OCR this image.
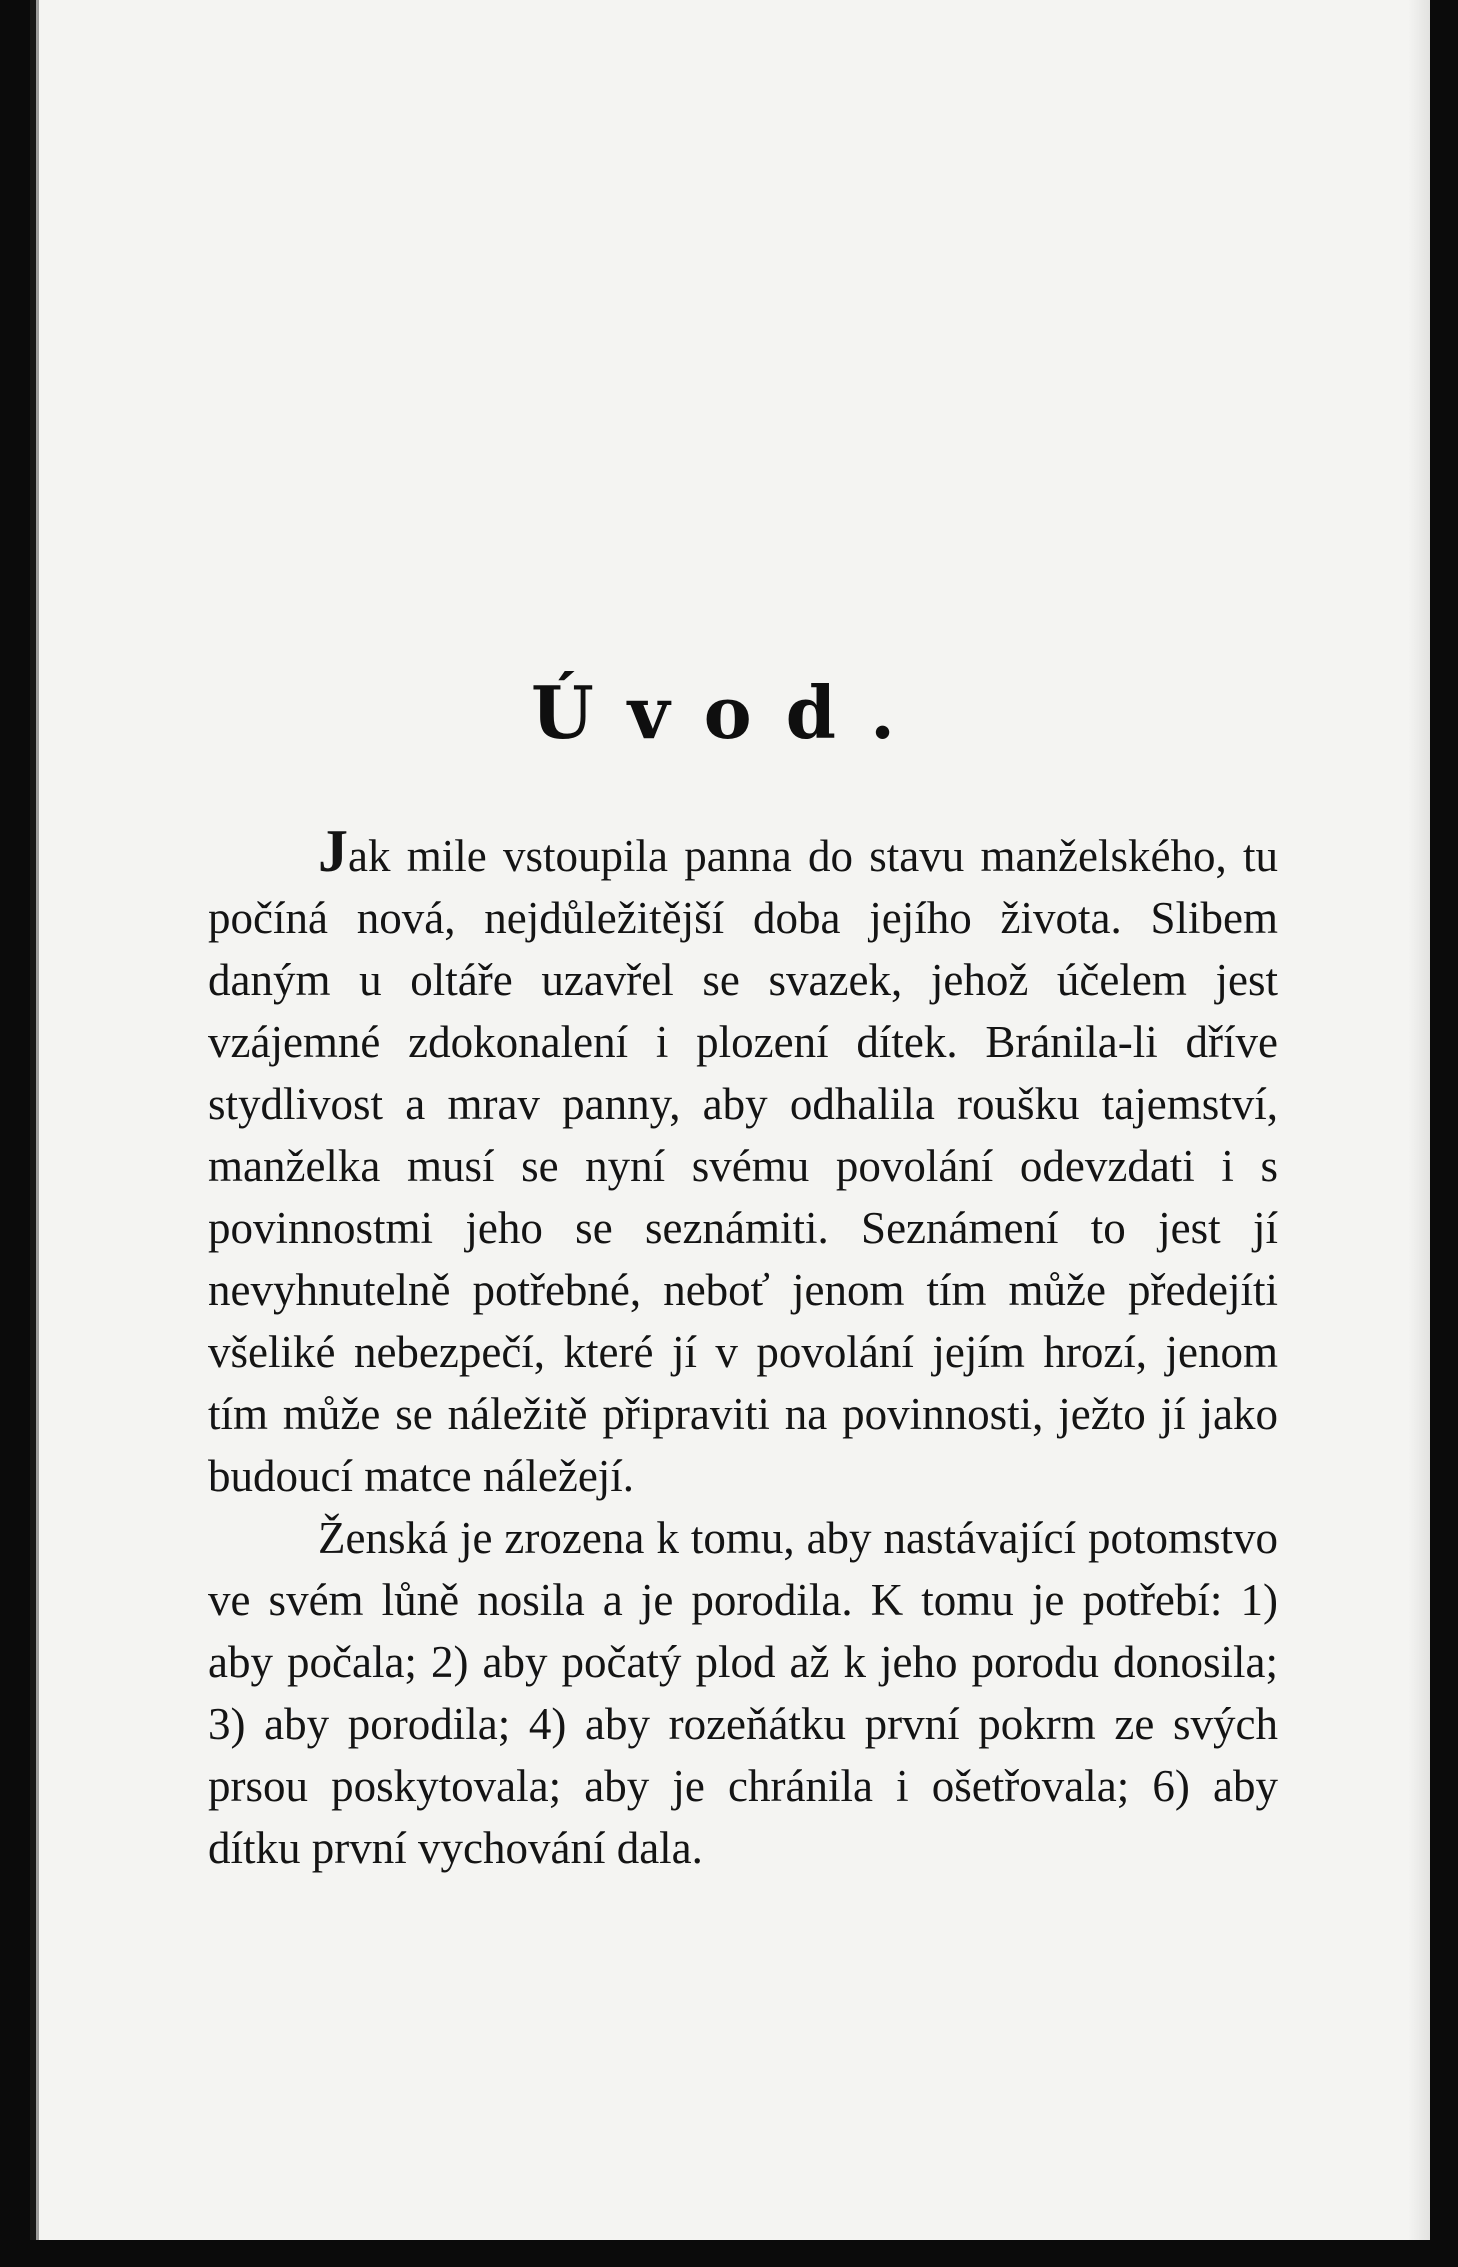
Úvod.

Jak mile vstoupila panna do stavu manželského, tu počíná nová, nejdůležitější doba jejího života. Slibem daným u oltáře uzavřel se svazek, jehož účelem jest vzájemné zdokonalení i plození dítek. Bránila-li dříve stydlivost a mrav panny, aby odhalila roušku tajemství, manželka musí se nyní svému povolání odevzdati i s povinnostmi jeho se seznámiti. Seznámení to jest jí nevyhnutelně potřebné, neboť jenom tím může předejíti všeliké nebezpečí, které jí v povolání jejím hrozí, jenom tím může se náležitě připraviti na povinnosti, ježto jí jako budoucí matce náležejí.

Ženská je zrozena k tomu, aby nastávající potomstvo ve svém lůně nosila a je porodila. K tomu je potřebí: 1) aby počala; 2) aby počatý plod až k jeho porodu donosila; 3) aby porodila; 4) aby rozeňátku první pokrm ze svých prsou poskytovala; aby je chránila i ošetřovala; 6) aby dítku první vychování dala.
